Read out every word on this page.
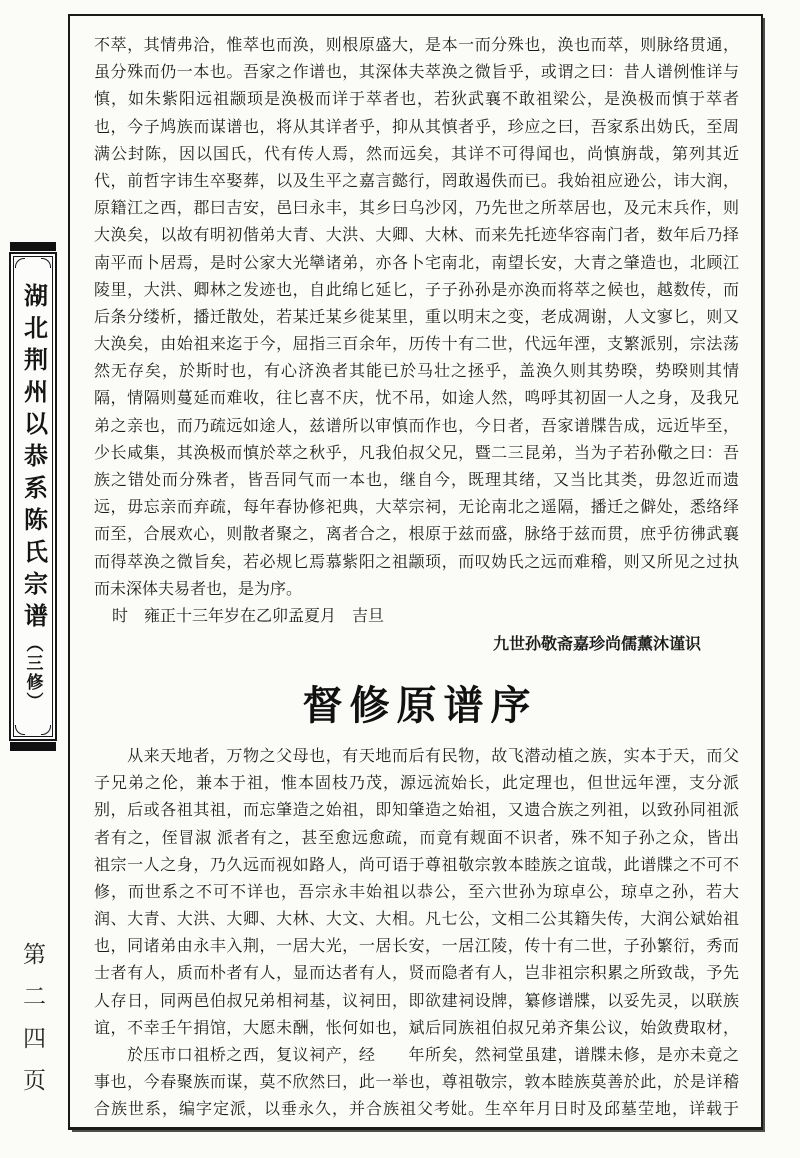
湖北荆州以恭系陈氏宗谱（三修）
第二四页
不萃，其情弗洽，惟萃也而涣，则根原盛大，是本一而分殊也，涣也而萃，则脉络贯通，
虽分殊而仍一本也。吾家之作谱也，其深体夫萃涣之微旨乎，或谓之曰：昔人谱例惟详与
慎，如朱紫阳远祖颛顼是涣极而详于萃者也，若狄武襄不敢祖梁公，是涣极而慎于萃者
也，今子鸠族而谋谱也，将从其详者乎，抑从其慎者乎，珍应之曰，吾家系出妫氏，至周
满公封陈，因以国氏，代有传人焉，然而远矣，其详不可得闻也，尚慎旃哉，第列其近
代，前哲字讳生卒娶葬，以及生平之嘉言懿行，罔敢遏佚而已。我始祖应逊公，讳大润，
原籍江之西，郡曰吉安，邑曰永丰，其乡曰乌沙冈，乃先世之所萃居也，及元末兵作，则
大涣矣，以故有明初偕弟大青、大洪、大卿、大林、而来先托迹华容南门者，数年后乃择
南平而卜居焉，是时公家大光卛诸弟，亦各卜宅南北，南望长安，大青之肇造也，北顾江
陵里，大洪、卿林之发迹也，自此绵匕延匕，子子孙孙是亦涣而将萃之候也，越数传，而
后条分缕析，播迁散处，若某迁某乡徙某里，重以明末之变，老成凋谢，人文寥匕，则又
大涣矣，由始祖来迄于今，屈指三百余年，历传十有二世，代远年湮，支繁派别，宗法荡
然无存矣，於斯时也，有心济涣者其能已於马壮之拯乎，盖涣久则其势暌，势暌则其情
隔，情隔则蔓延而难收，往匕喜不庆，忧不吊，如途人然，鸣呼其初固一人之身，及我兄
弟之亲也，而乃疏远如途人，兹谱所以审慎而作也，今日者，吾家谱牒告成，远近毕至，
少长咸集，其涣极而慎於萃之秋乎，凡我伯叔父兄，暨二三昆弟，当为子若孙儆之曰：吾
族之错处而分殊者，皆吾同气而一本也，继自今，既理其绪，又当比其类，毋忽近而遗
远，毋忘亲而弃疏，每年春协修祀典，大萃宗祠，无论南北之遥隔，播迁之僻处，悉络绎
而至，合展欢心，则散者聚之，离者合之，根原于兹而盛，脉络于兹而贯，庶乎彷彿武襄
而得萃涣之微旨矣，若必规匕焉慕紫阳之祖颛顼，而叹妫氏之远而难稽，则又所见之过执
而未深体夫易者也，是为序。
时　雍正十三年岁在乙卯孟夏月　吉旦
九世孙敬斋嘉珍尚儒薰沐谨识
督修原谱序
　　从来天地者，万物之父母也，有天地而后有民物，故飞潜动植之族，实本于天，而父
子兄弟之伦，兼本于祖，惟本固枝乃茂，源远流始长，此定理也，但世远年湮，支分派
别，后或各祖其祖，而忘肇造之始祖，即知肇造之始祖，又遗合族之列祖，以致孙同祖派
者有之，侄冒淑 派者有之，甚至愈远愈疏，而竟有觌面不识者，殊不知子孙之众，皆出
祖宗一人之身，乃久远而视如路人，尚可语于尊祖敬宗敦本睦族之谊哉，此谱牒之不可不
修，而世系之不可不详也，吾宗永丰始祖以恭公，至六世孙为琼卓公，琼卓之孙，若大
润、大青、大洪、大卿、大林、大文、大相。凡七公，文相二公其籍失传，大润公斌始祖
也，同诸弟由永丰入荆，一居大光，一居长安，一居江陵，传十有二世，子孙繁衍，秀而
士者有人，质而朴者有人，显而达者有人，贤而隐者有人，岂非祖宗积累之所致哉，予先
人存日，同两邑伯叔兄弟相祠基，议祠田，即欲建祠设牌，纂修谱牒，以妥先灵，以联族
谊，不幸壬午捐馆，大愿未酬，怅何如也，斌后同族祖伯叔兄弟齐集公议，始敛费取材，
　　於压市口祖桥之西，复议祠产，经　　年所矣，然祠堂虽建，谱牒未修，是亦未竟之
事也，今春聚族而谋，莫不欣然曰，此一举也，尊祖敬宗，敦本睦族莫善於此，於是详稽
合族世系，编字定派，以垂永久，并合族祖父考妣。生卒年月日时及邱墓茔地，详载于
